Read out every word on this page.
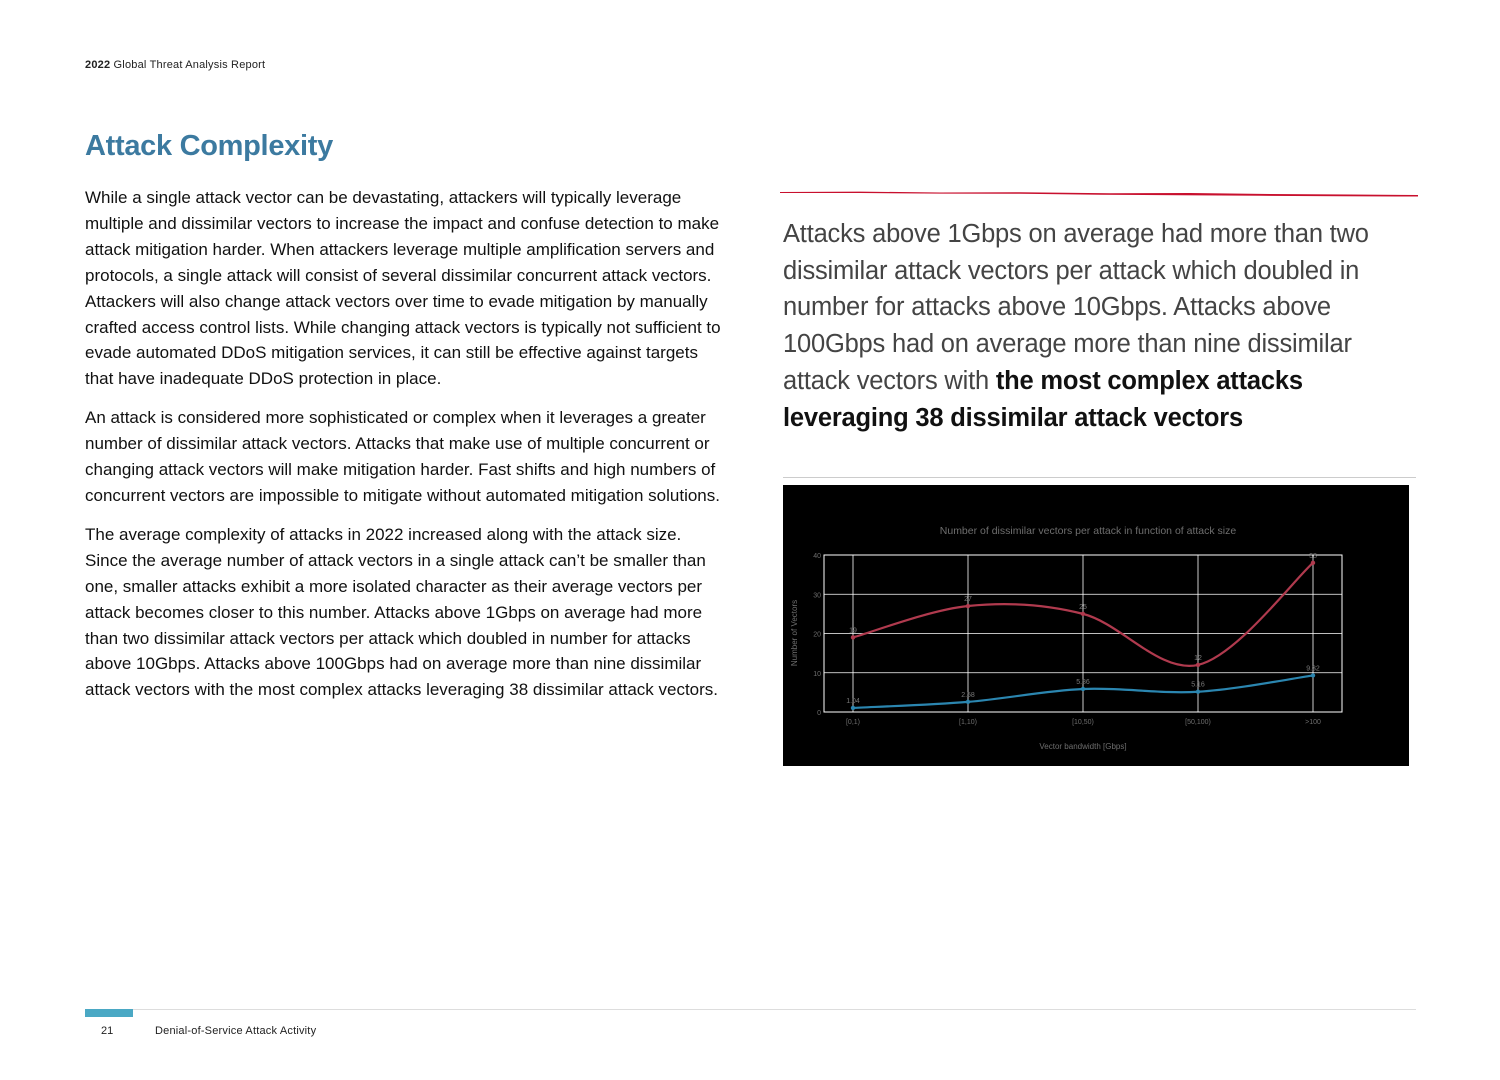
2022 Global Threat Analysis Report
Attack Complexity

While a single attack vector can be devastating, attackers will typically leverage multiple and dissimilar vectors to increase the impact and confuse detection to make attack mitigation harder. When attackers leverage multiple amplification servers and protocols, a single attack will consist of several dissimilar concurrent attack vectors. Attackers will also change attack vectors over time to evade mitigation by manually crafted access control lists. While changing attack vectors is typically not sufficient to evade automated DDoS mitigation services, it can still be effective against targets that have inadequate DDoS protection in place.

An attack is considered more sophisticated or complex when it leverages a greater number of dissimilar attack vectors. Attacks that make use of multiple concurrent or changing attack vectors will make mitigation harder. Fast shifts and high numbers of concurrent vectors are impossible to mitigate without automated mitigation solutions.

The average complexity of attacks in 2022 increased along with the attack size. Since the average number of attack vectors in a single attack can’t be smaller than one, smaller attacks exhibit a more isolated character as their average vectors per attack becomes closer to this number. Attacks above 1Gbps on average had more than two dissimilar attack vectors per attack which doubled in number for attacks above 10Gbps. Attacks above 100Gbps had on average more than nine dissimilar attack vectors with the most complex attacks leveraging 38 dissimilar attack vectors.

Attacks above 1Gbps on average had more than two dissimilar attack vectors per attack which doubled in number for attacks above 10Gbps. Attacks above 100Gbps had on average more than nine dissimilar attack vectors with the most complex attacks leveraging 38 dissimilar attack vectors
Number of dissimilar vectors per attack in function of attack size
0
10
20
30
40
[0,1)	[1,10)	[10,50)	[50,100)	>100
19
27
25
12
38
1.04
2.58
5.86	5.16
9.32
Vector bandwidth [Gbps]
Number of Vectors
21	Denial-of-Service Attack Activity
